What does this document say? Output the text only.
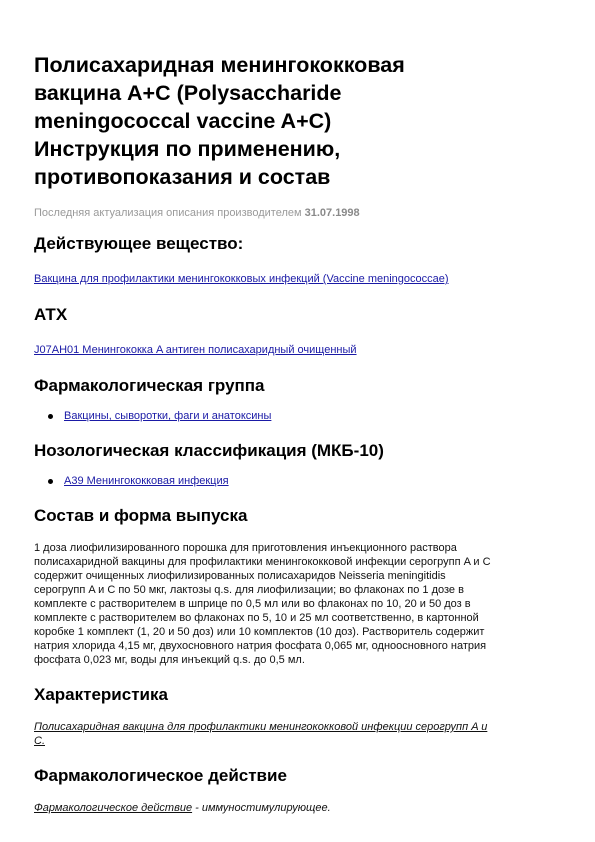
Полисахаридная менингококковая
вакцина A+C (Polysaccharide
meningococcal vaccine A+C)
Инструкция по применению,
противопоказания и состав
Последняя актуализация описания производителем 31.07.1998
Действующее вещество:
Вакцина для профилактики менингококковых инфекций (Vaccine meningococcae)
АТХ
J07AH01 Менингококка A антиген полисахаридный очищенный
Фармакологическая группа
Вакцины, сыворотки, фаги и анатоксины
Нозологическая классификация (МКБ-10)
A39 Менингококковая инфекция
Состав и форма выпуска
1 доза лиофилизированного порошка для приготовления инъекционного раствора
полисахаридной вакцины для профилактики менингококковой инфекции серогрупп A и C
содержит очищенных лиофилизированных полисахаридов Neisseria meningitidis
серогрупп A и C по 50 мкг, лактозы q.s. для лиофилизации; во флаконах по 1 дозе в
комплекте с растворителем в шприце по 0,5 мл или во флаконах по 10, 20 и 50 доз в
комплекте с растворителем во флаконах по 5, 10 и 25 мл соответственно, в картонной
коробке 1 комплект (1, 20 и 50 доз) или 10 комплектов (10 доз). Растворитель содержит
натрия хлорида 4,15 мг, двухосновного натрия фосфата 0,065 мг, одноосновного натрия
фосфата 0,023 мг, воды для инъекций q.s. до 0,5 мл.
Характеристика
Полисахаридная вакцина для профилактики менингококковой инфекции серогрупп A и
C.
Фармакологическое действие
Фармакологическое действие - иммуностимулирующее.
